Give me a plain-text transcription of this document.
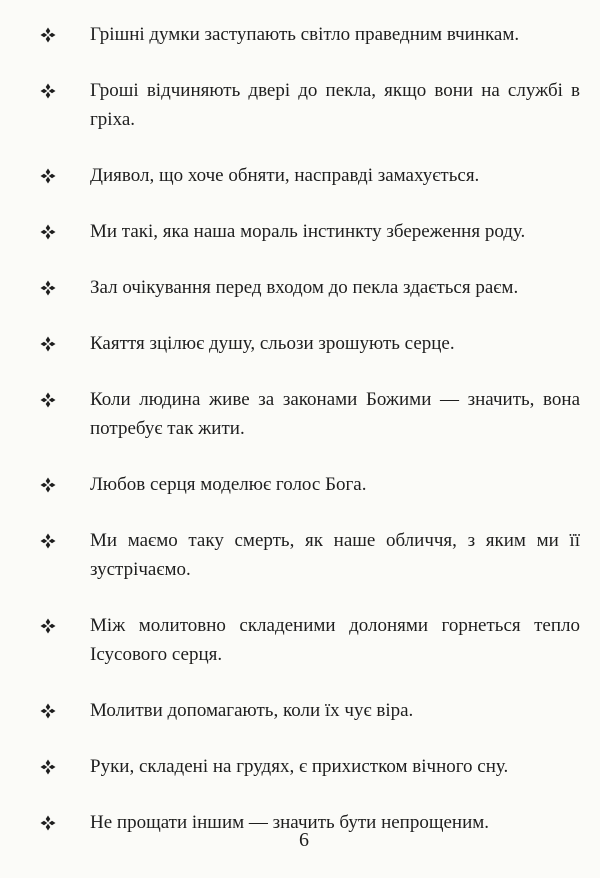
Грішні думки заступають світло праведним вчинкам.
Гроші відчиняють двері до пекла, якщо вони на службі в гріха.
Диявол, що хоче обняти, насправді замахується.
Ми такі, яка наша мораль інстинкту збереження роду.
Зал очікування перед входом до пекла здається раєм.
Каяття зцілює душу, сльози зрошують серце.
Коли людина живе за законами Божими — значить, вона потребує так жити.
Любов серця моделює голос Бога.
Ми маємо таку смерть, як наше обличчя, з яким ми її зустрічаємо.
Між молитовно складеними долонями горнеться тепло Ісусового серця.
Молитви допомагають, коли їх чує віра.
Руки, складені на грудях, є прихистком вічного сну.
Не прощати іншим — значить бути непрощеним.
6
